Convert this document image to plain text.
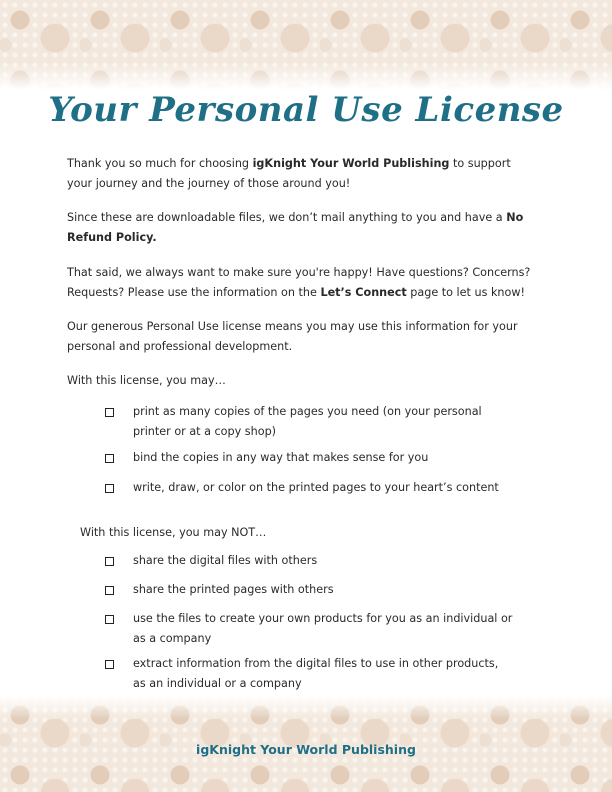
Your Personal Use License

Thank you so much for choosing igKnight Your World Publishing to support your journey and the journey of those around you!

Since these are downloadable files, we don’t mail anything to you and have a No Refund Policy.

That said, we always want to make sure you're happy! Have questions? Concerns? Requests? Please use the information on the Let’s Connect page to let us know!

Our generous Personal Use license means you may use this information for your personal and professional development.

With this license, you may…
print as many copies of the pages you need (on your personal printer or at a copy shop)
bind the copies in any way that makes sense for you
write, draw, or color on the printed pages to your heart’s content
With this license, you may NOT…
share the digital files with others
share the printed pages with others
use the files to create your own products for you as an individual or as a company
extract information from the digital files to use in other products, as an individual or a company
igKnight Your World Publishing
